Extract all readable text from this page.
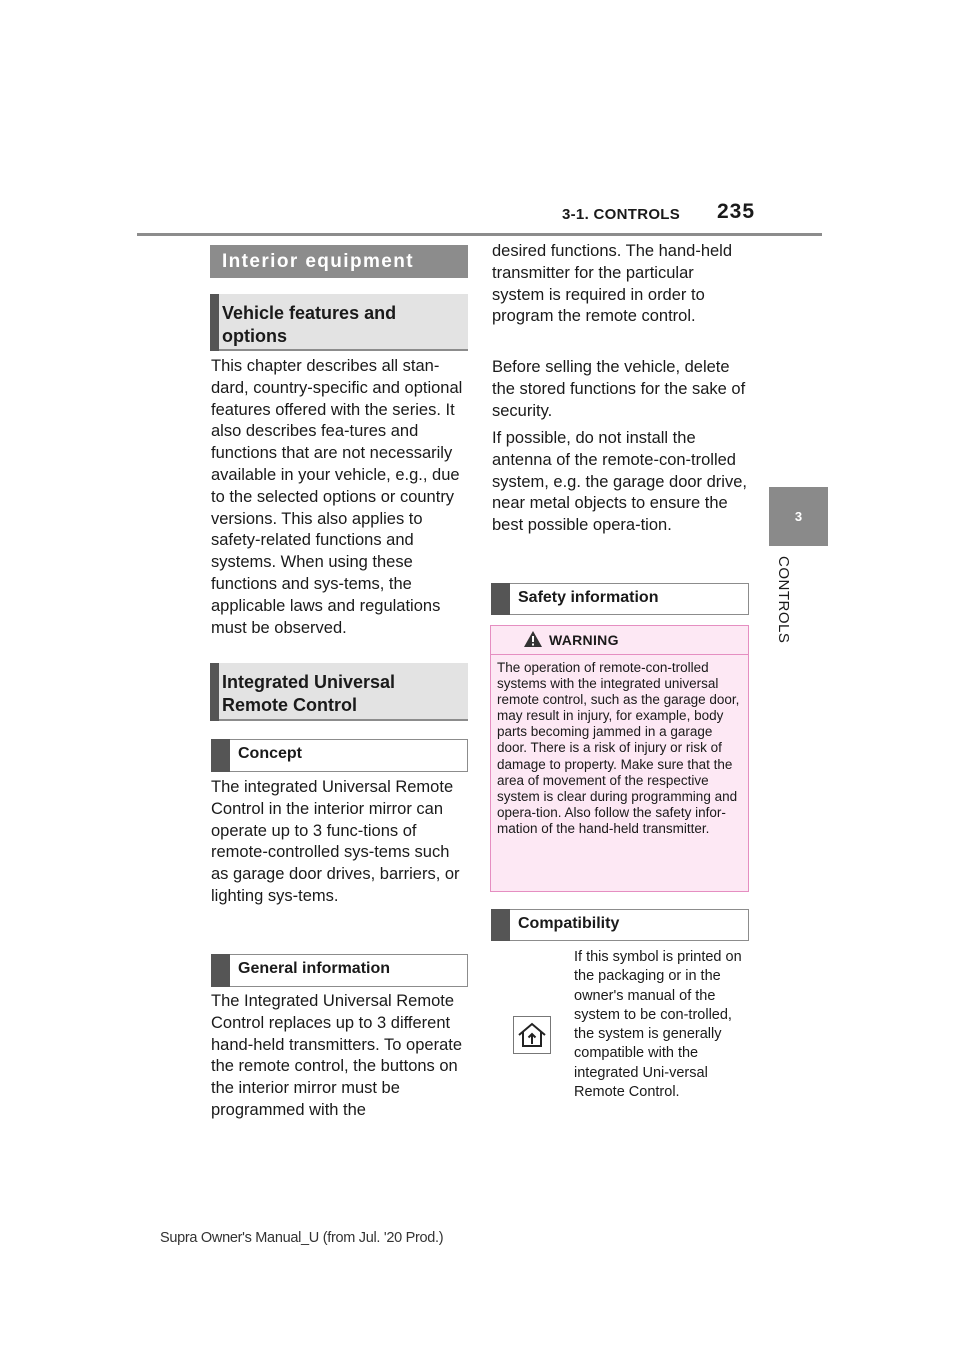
3-1. CONTROLS 235
3
CONTROLS
Interior equipment
Vehicle features and options
This chapter describes all stan-dard, country-specific and optional features offered with the series. It also describes fea-tures and functions that are not necessarily available in your vehicle, e.g., due to the selected options or country versions. This also applies to safety-related functions and systems. When using these functions and sys-tems, the applicable laws and regulations must be observed.
Integrated Universal Remote Control
Concept
The integrated Universal Remote Control in the interior mirror can operate up to 3 func-tions of remote-controlled sys-tems such as garage door drives, barriers, or lighting sys-tems.
General information
The Integrated Universal Remote Control replaces up to 3 different hand-held transmitters. To operate the remote control, the buttons on the interior mirror must be programmed with the
desired functions. The hand-held transmitter for the particular system is required in order to program the remote control.
Before selling the vehicle, delete the stored functions for the sake of security.
If possible, do not install the antenna of the remote-con-trolled system, e.g. the garage door drive, near metal objects to ensure the best possible opera-tion.
Safety information
WARNING
The operation of remote-con-trolled systems with the integrated universal remote control, such as the garage door, may result in injury, for example, body parts becoming jammed in a garage door. There is a risk of injury or risk of damage to property. Make sure that the area of movement of the respective system is clear during programming and opera-tion. Also follow the safety infor-mation of the hand-held transmitter.
Compatibility
If this symbol is printed on the packaging or in the owner's manual of the system to be con-trolled, the system is generally compatible with the integrated Uni-versal Remote Control.
Supra Owner's Manual_U (from Jul. '20 Prod.)
